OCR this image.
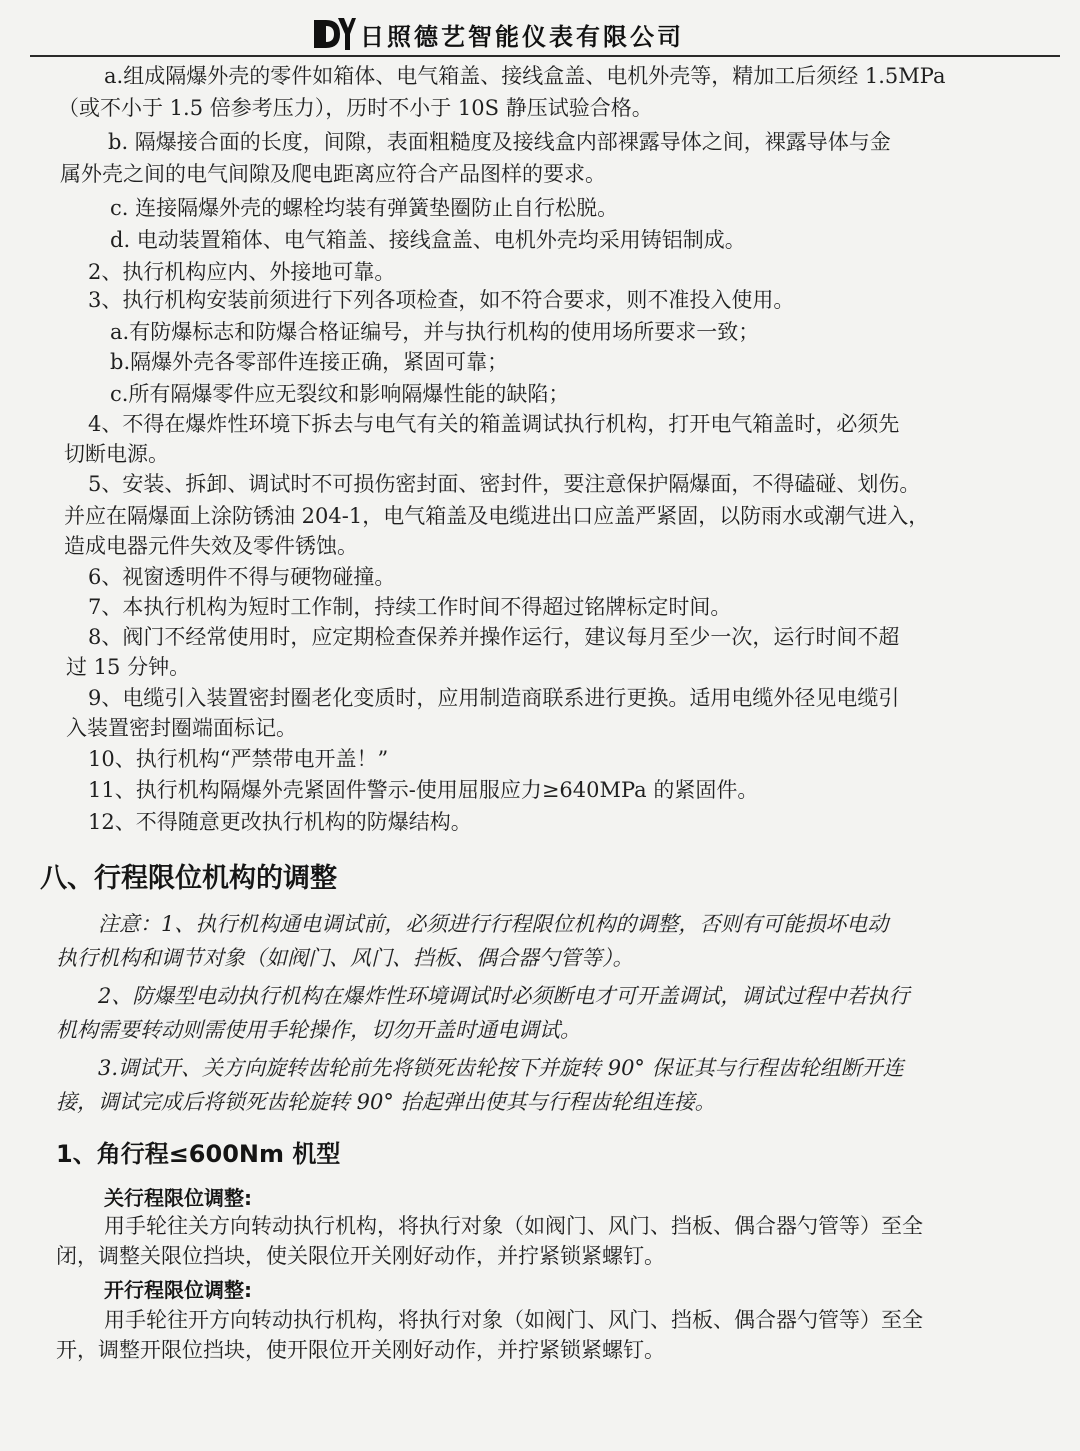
日照德艺智能仪表有限公司
a.组成隔爆外壳的零件如箱体、电气箱盖、接线盒盖、电机外壳等，精加工后须经 1.5MPa
（或不小于 1.5 倍参考压力），历时不小于 10S 静压试验合格。
b. 隔爆接合面的长度，间隙，表面粗糙度及接线盒内部裸露导体之间，裸露导体与金
属外壳之间的电气间隙及爬电距离应符合产品图样的要求。
c. 连接隔爆外壳的螺栓均装有弹簧垫圈防止自行松脱。
d. 电动装置箱体、电气箱盖、接线盒盖、电机外壳均采用铸铝制成。
2、执行机构应内、外接地可靠。
3、执行机构安装前须进行下列各项检查，如不符合要求，则不准投入使用。
a.有防爆标志和防爆合格证编号，并与执行机构的使用场所要求一致；
b.隔爆外壳各零部件连接正确，紧固可靠；
c.所有隔爆零件应无裂纹和影响隔爆性能的缺陷；
4、不得在爆炸性环境下拆去与电气有关的箱盖调试执行机构，打开电气箱盖时，必须先
切断电源。
5、安装、拆卸、调试时不可损伤密封面、密封件，要注意保护隔爆面，不得磕碰、划伤。
并应在隔爆面上涂防锈油 204-1，电气箱盖及电缆进出口应盖严紧固，以防雨水或潮气进入，
造成电器元件失效及零件锈蚀。
6、视窗透明件不得与硬物碰撞。
7、本执行机构为短时工作制，持续工作时间不得超过铭牌标定时间。
8、阀门不经常使用时，应定期检查保养并操作运行，建议每月至少一次，运行时间不超
过 15 分钟。
9、电缆引入装置密封圈老化变质时，应用制造商联系进行更换。适用电缆外径见电缆引
入装置密封圈端面标记。
10、执行机构“严禁带电开盖！”
11、执行机构隔爆外壳紧固件警示-使用屈服应力≥640MPa 的紧固件。
12、不得随意更改执行机构的防爆结构。
八、行程限位机构的调整
注意：1、执行机构通电调试前，必须进行行程限位机构的调整，否则有可能损坏电动
执行机构和调节对象（如阀门、风门、挡板、偶合器勺管等）。
2、防爆型电动执行机构在爆炸性环境调试时必须断电才可开盖调试，调试过程中若执行
机构需要转动则需使用手轮操作，切勿开盖时通电调试。
3.调试开、关方向旋转齿轮前先将锁死齿轮按下并旋转 90° 保证其与行程齿轮组断开连
接，调试完成后将锁死齿轮旋转 90° 抬起弹出使其与行程齿轮组连接。
1、角行程≤600Nm 机型
关行程限位调整:
用手轮往关方向转动执行机构，将执行对象（如阀门、风门、挡板、偶合器勺管等）至全
闭，调整关限位挡块，使关限位开关刚好动作，并拧紧锁紧螺钉。
开行程限位调整:
用手轮往开方向转动执行机构，将执行对象（如阀门、风门、挡板、偶合器勺管等）至全
开，调整开限位挡块，使开限位开关刚好动作，并拧紧锁紧螺钉。
